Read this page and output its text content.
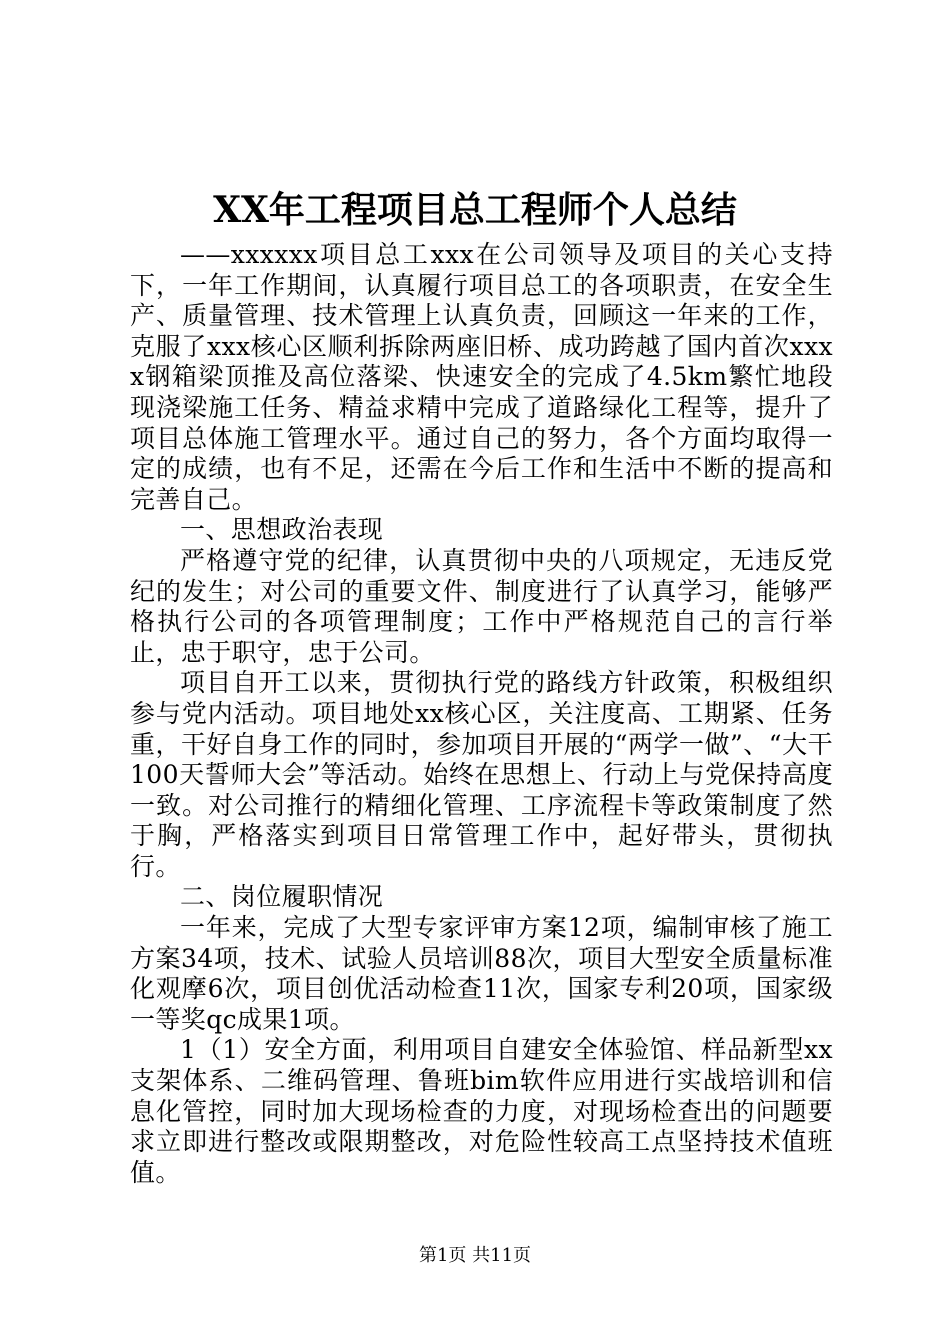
XX年工程项目总工程师个人总结

——xxxxxx项目总工xxx在公司领导及项目的关心支持下，一年工作期间，认真履行项目总工的各项职责，在安全生产、质量管理、技术管理上认真负责，回顾这一年来的工作，克服了xxx核心区顺利拆除两座旧桥、成功跨越了国内首次xxxx钢箱梁顶推及高位落梁、快速安全的完成了4.5km繁忙地段现浇梁施工任务、精益求精中完成了道路绿化工程等，提升了项目总体施工管理水平。通过自己的努力，各个方面均取得一定的成绩，也有不足，还需在今后工作和生活中不断的提高和完善自己。

一、思想政治表现

严格遵守党的纪律，认真贯彻中央的八项规定，无违反党纪的发生；对公司的重要文件、制度进行了认真学习，能够严格执行公司的各项管理制度；工作中严格规范自己的言行举止，忠于职守，忠于公司。

项目自开工以来，贯彻执行党的路线方针政策，积极组织参与党内活动。项目地处xx核心区，关注度高、工期紧、任务重，干好自身工作的同时，参加项目开展的“两学一做”、“大干100天誓师大会”等活动。始终在思想上、行动上与党保持高度一致。对公司推行的精细化管理、工序流程卡等政策制度了然于胸，严格落实到项目日常管理工作中，起好带头，贯彻执行。

二、岗位履职情况

一年来，完成了大型专家评审方案12项，编制审核了施工方案34项，技术、试验人员培训88次，项目大型安全质量标准化观摩6次，项目创优活动检查11次，国家专利20项，国家级一等奖qc成果1项。

1（1）安全方面，利用项目自建安全体验馆、样品新型xx支架体系、二维码管理、鲁班bim软件应用进行实战培训和信息化管控，同时加大现场检查的力度，对现场检查出的问题要求立即进行整改或限期整改，对危险性较高工点坚持技术值班值。

第1页 共11页
